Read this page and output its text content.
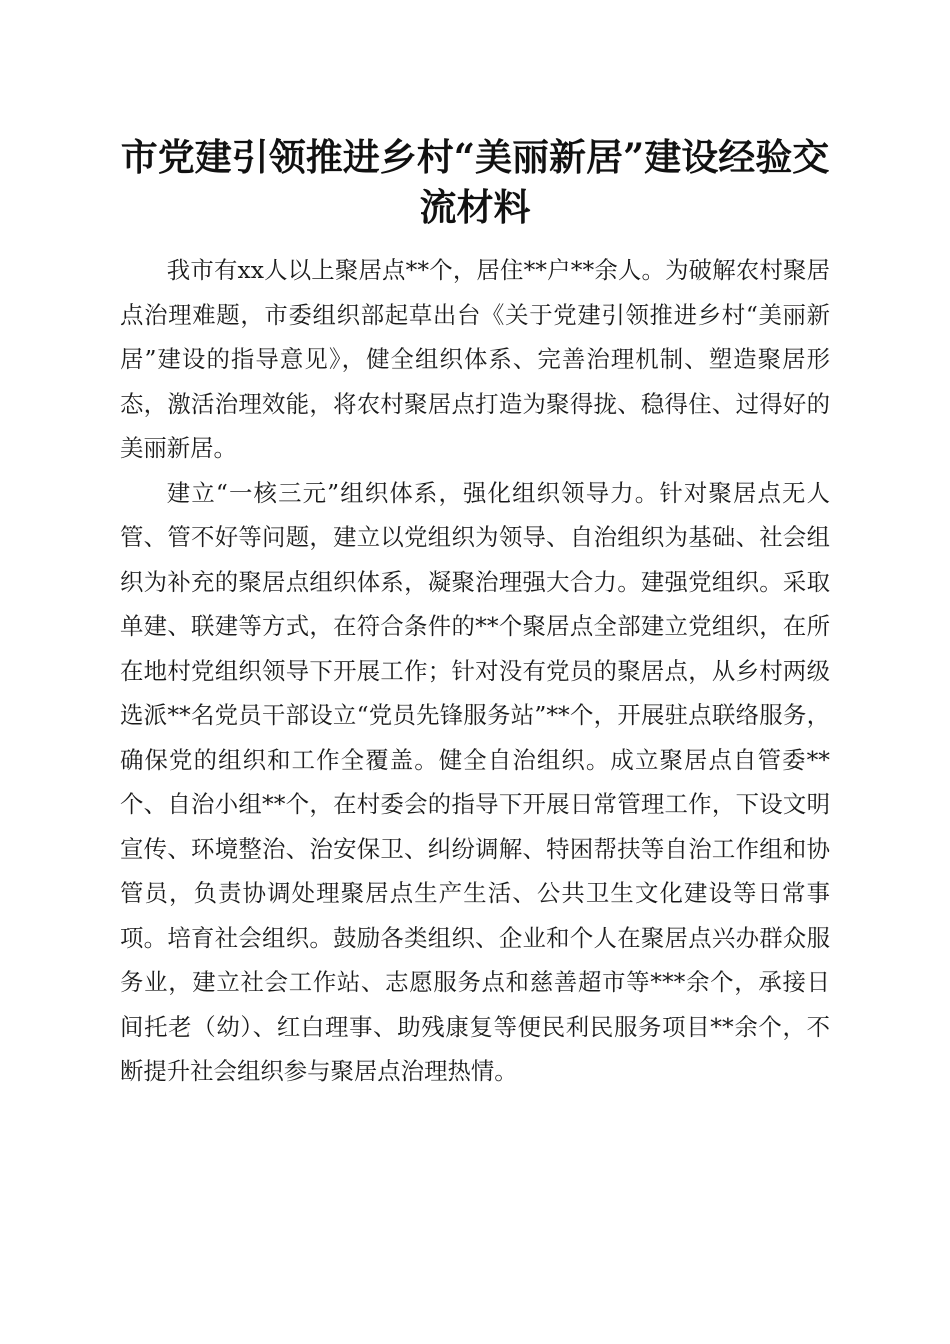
市党建引领推进乡村“美丽新居”建设经验交流材料

我市有xx人以上聚居点**个，居住**户**余人。为破解农村聚居点治理难题，市委组织部起草出台《关于党建引领推进乡村“美丽新居”建设的指导意见》，健全组织体系、完善治理机制、塑造聚居形态，激活治理效能，将农村聚居点打造为聚得拢、稳得住、过得好的美丽新居。

建立“一核三元”组织体系，强化组织领导力。针对聚居点无人管、管不好等问题，建立以党组织为领导、自治组织为基础、社会组织为补充的聚居点组织体系，凝聚治理强大合力。建强党组织。采取单建、联建等方式，在符合条件的**个聚居点全部建立党组织，在所在地村党组织领导下开展工作；针对没有党员的聚居点，从乡村两级选派**名党员干部设立“党员先锋服务站”**个，开展驻点联络服务，确保党的组织和工作全覆盖。健全自治组织。成立聚居点自管委**个、自治小组**个，在村委会的指导下开展日常管理工作，下设文明宣传、环境整治、治安保卫、纠纷调解、特困帮扶等自治工作组和协管员，负责协调处理聚居点生产生活、公共卫生文化建设等日常事项。培育社会组织。鼓励各类组织、企业和个人在聚居点兴办群众服务业，建立社会工作站、志愿服务点和慈善超市等***余个，承接日间托老（幼）、红白理事、助残康复等便民利民服务项目**余个，不断提升社会组织参与聚居点治理热情。
